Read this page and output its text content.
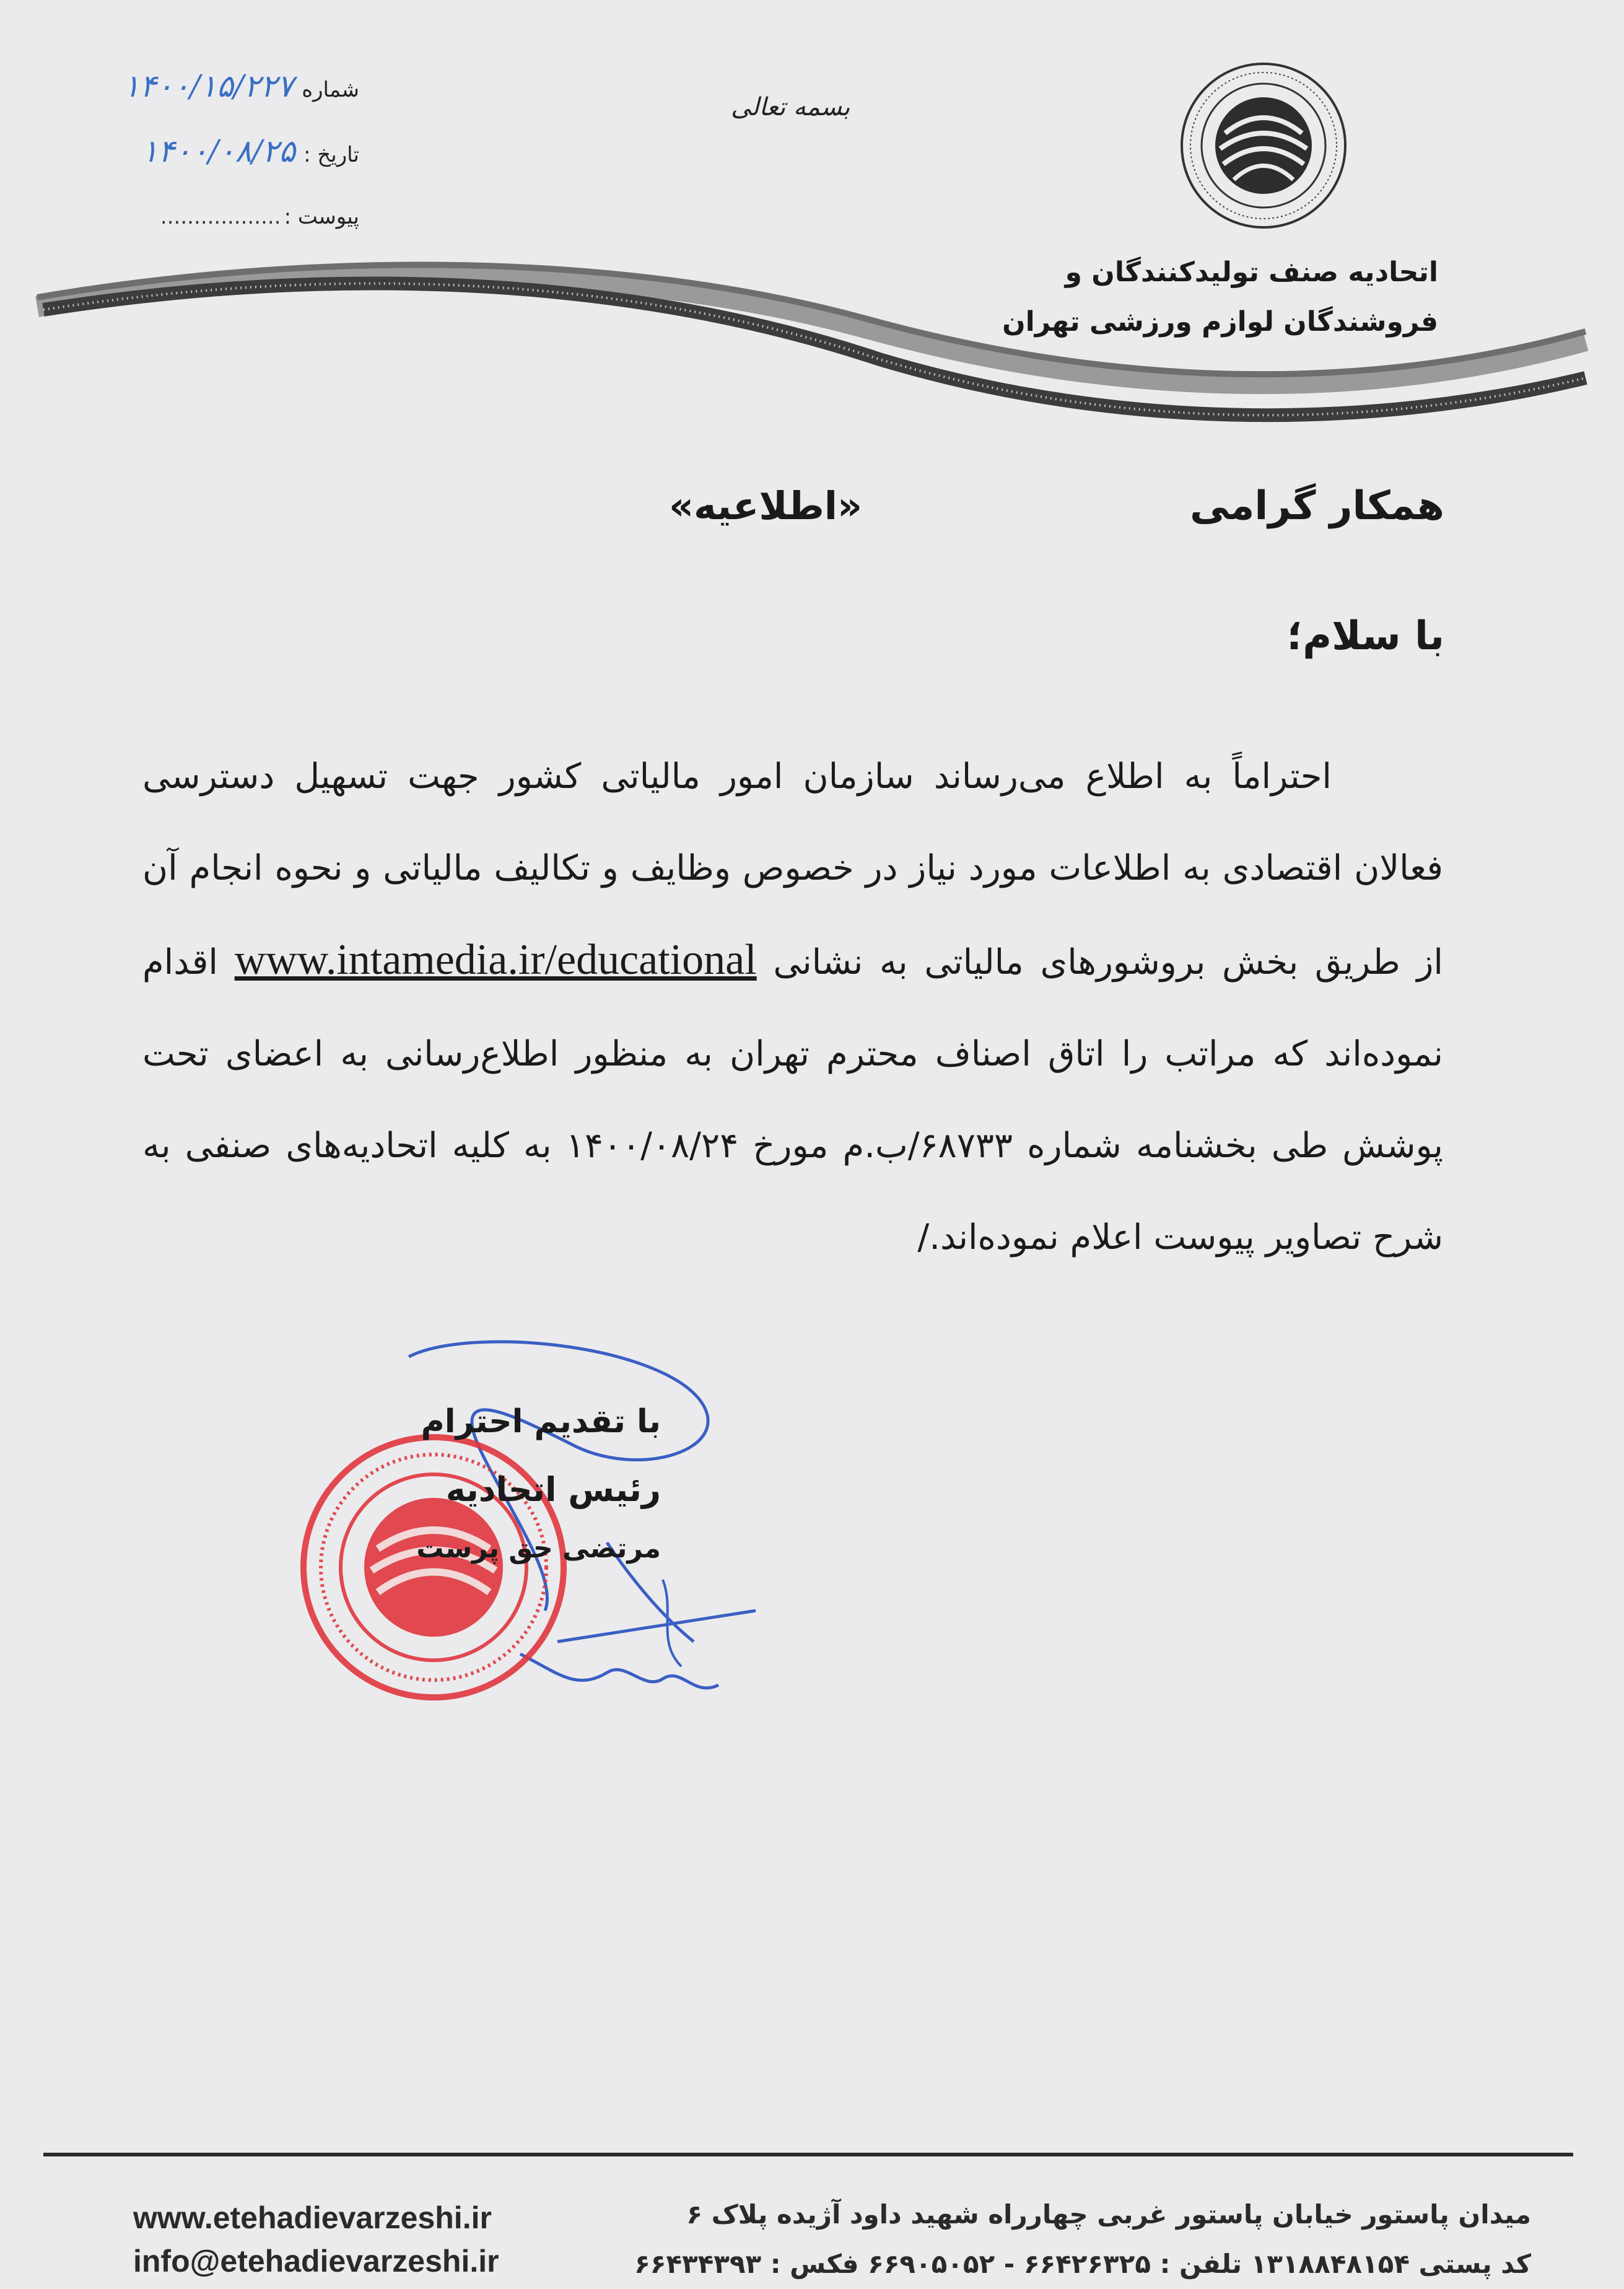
شماره ۱۴۰۰/۱۵/۲۲۷
تاریخ : ۱۴۰۰/۰۸/۲۵
پیوست : ..................
بسمه تعالی
اتحادیه صنف تولیدکنندگان و
فروشندگان لوازم ورزشی تهران
«اطلاعیه»	همکار گرامی
با سلام؛

احتراماً به اطلاع می‌رساند سازمان امور مالیاتی کشور جهت تسهیل دسترسی فعالان اقتصادی به اطلاعات مورد نیاز در خصوص وظایف و تکالیف مالیاتی و نحوه انجام آن از طریق بخش بروشورهای مالیاتی به نشانی www.intamedia.ir/educational اقدام نموده‌اند که مراتب را اتاق اصناف محترم تهران به منظور اطلاع‌رسانی به اعضای تحت پوشش طی بخشنامه شماره ۶۸۷۳۳/ب.م مورخ ۱۴۰۰/۰۸/۲۴ به کلیه اتحادیه‌های صنفی به شرح تصاویر پیوست اعلام نموده‌اند./

با تقدیم احترام
رئیس اتحادیه
مرتضی حق پرست
www.etehadievarzeshi.ir
info@etehadievarzeshi.ir
میدان پاستور خیابان پاستور غربی چهارراه شهید داود آژیده پلاک ۶
کد پستی ۱۳۱۸۸۴۸۱۵۴ تلفن : ۶۶۴۲۶۳۲۵ - ۶۶۹۰۵۰۵۲ فکس : ۶۶۴۳۴۳۹۳
